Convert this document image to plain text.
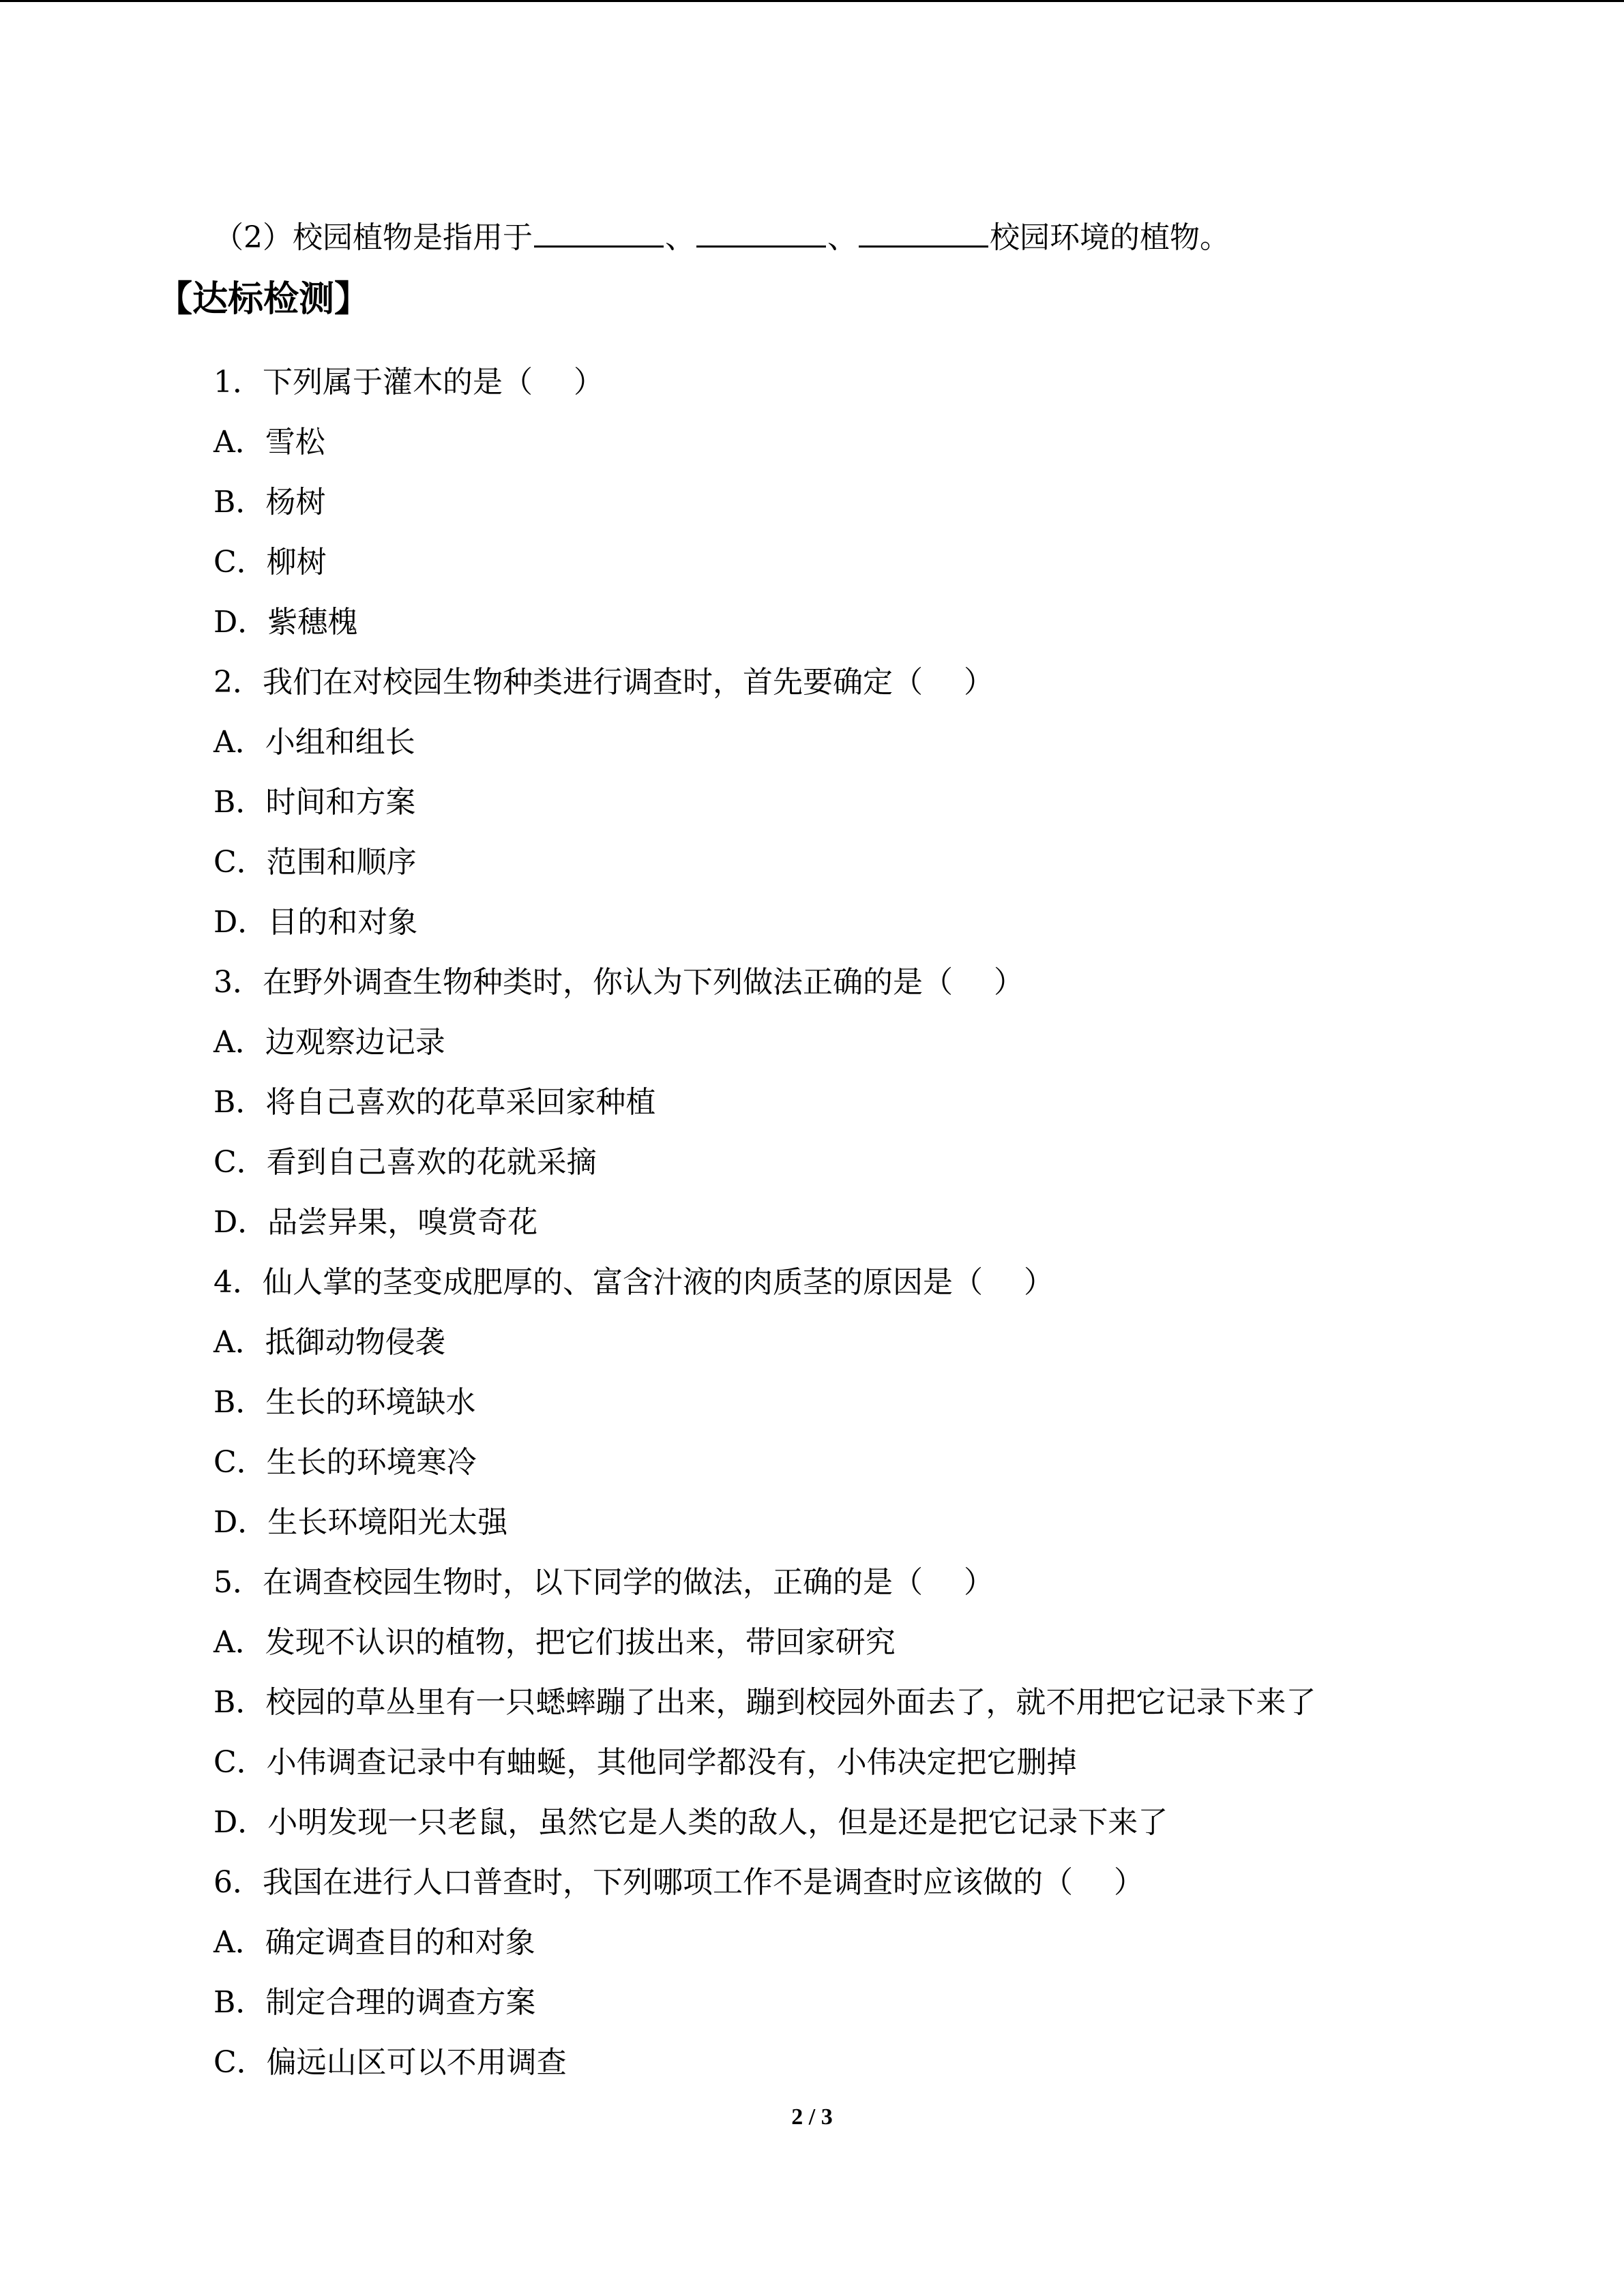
（2）校园植物是指用于	、	、	校园环境的植物。
【达标检测】
1．下列属于灌木的是（ ）
A．雪松
B．杨树
C．柳树
D．紫穗槐
2．我们在对校园生物种类进行调查时，首先要确定（ ）
A．小组和组长
B．时间和方案
C．范围和顺序
D．目的和对象
3．在野外调查生物种类时，你认为下列做法正确的是（ ）
A．边观察边记录
B．将自己喜欢的花草采回家种植
C．看到自己喜欢的花就采摘
D．品尝异果，嗅赏奇花
4．仙人掌的茎变成肥厚的、富含汁液的肉质茎的原因是（ ）
A．抵御动物侵袭
B．生长的环境缺水
C．生长的环境寒冷
D．生长环境阳光太强
5．在调查校园生物时，以下同学的做法，正确的是（ ）
A．发现不认识的植物，把它们拔出来，带回家研究
B．校园的草丛里有一只蟋蟀蹦了出来，蹦到校园外面去了，就不用把它记录下来了
C．小伟调查记录中有蚰蜒，其他同学都没有，小伟决定把它删掉
D．小明发现一只老鼠，虽然它是人类的敌人，但是还是把它记录下来了
6．我国在进行人口普查时，下列哪项工作不是调查时应该做的（ ）
A．确定调查目的和对象
B．制定合理的调查方案
C．偏远山区可以不用调查
2 / 3
